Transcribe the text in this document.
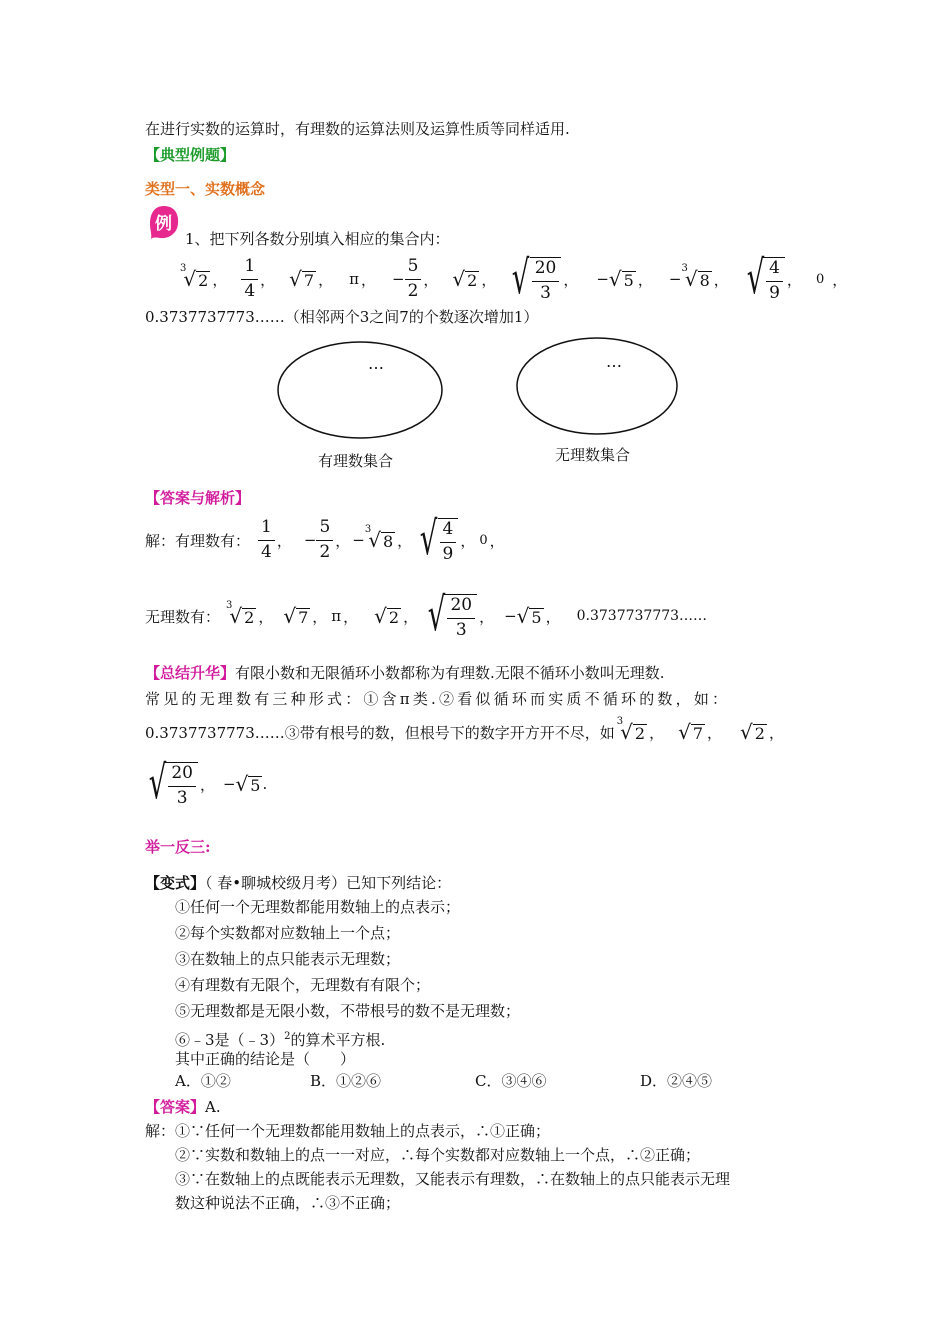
在进行实数的运算时，有理数的运算法则及运算性质等同样适用.
【典型例题】
类型一、实数概念
例
1、把下列各数分别填入相应的集合内：
3
√ 2 ， $\frac{1}{4}$ ， √ 7 ， π ， − $\frac{5}{2}$ ， √ 2 ， √ $\frac{20}{3}$ ， − √ 5 ， −
3
√ 8 ， √ $\frac{4}{9}$ ， 0 ，
0.3737737773……（相邻两个3之间7的个数逐次增加1）
…	…
有理数集合	无理数集合
【答案与解析】
解：有理数有： $\frac{1}{4}$ ， − $\frac{5}{2}$ ， −
3
√ 8 ， √ $\frac{4}{9}$ ， 0 ，
无理数有：
3
√ 2 ， √ 7 ， π ， √ 2 ， √ $\frac{20}{3}$ ， − √ 5 ， 0.3737737773……
【总结升华】有限小数和无限循环小数都称为有理数.无限不循环小数叫无理数.
常见的无理数有三种形式：①含π类.②看似循环而实质不循环的数，如：
0.3737737773……③带有根号的数，但根号下的数字开方开不尽，如
3
√ 2 ， √ 7 ， √ 2 ，
√ $\frac{20}{3}$ ， − √ 5 .
举一反三:
【变式】（ 春•聊城校级月考）已知下列结论：
①任何一个无理数都能用数轴上的点表示；
②每个实数都对应数轴上一个点；
③在数轴上的点只能表示无理数；
④有理数有无限个，无理数有有限个；
⑤无理数都是无限小数，不带根号的数不是无理数；
⑥﹣3是（﹣3）$^2$的算术平方根.
其中正确的结论是（　　）
A．①②	B．①②⑥	C．③④⑥	D．②④⑤
【答案】A.
解：①∵任何一个无理数都能用数轴上的点表示，∴①正确；
②∵实数和数轴上的点一一对应，∴每个实数都对应数轴上一个点，∴②正确；
③∵在数轴上的点既能表示无理数，又能表示有理数，∴在数轴上的点只能表示无理
数这种说法不正确，∴③不正确；
